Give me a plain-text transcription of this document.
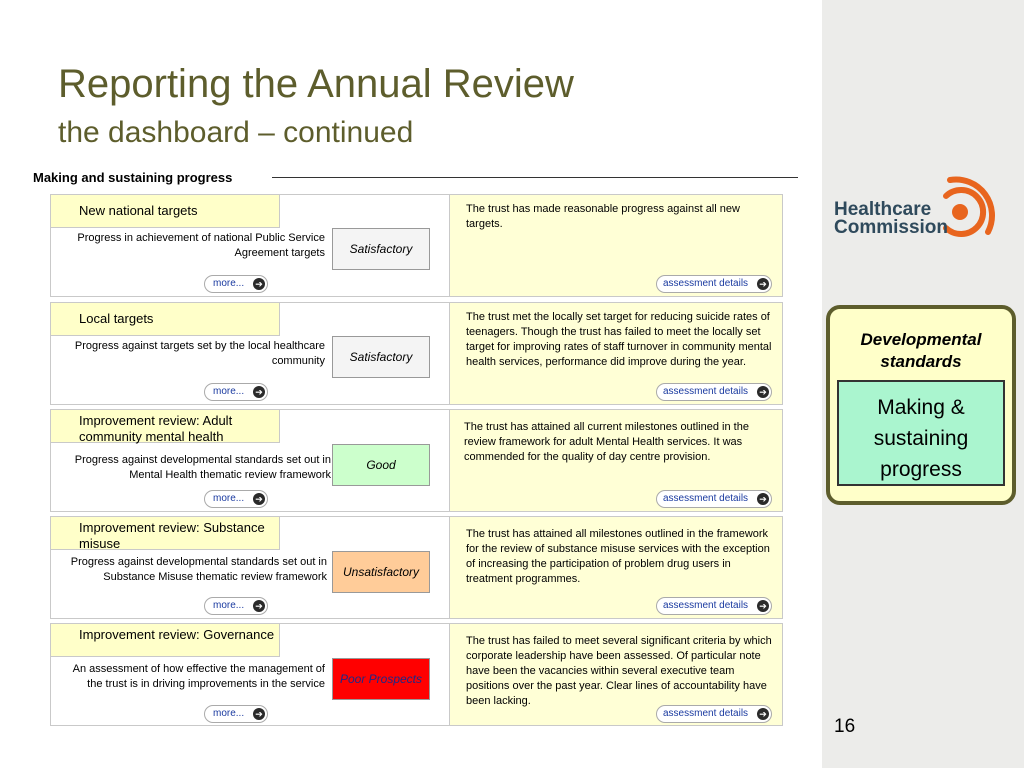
Reporting the Annual Review
the dashboard – continued
Making and sustaining progress
New national targets
Progress in achievement of national Public Service Agreement targets	Satisfactory
more... ➔
The trust has made reasonable progress against all new targets.
assessment details ➔
Local targets
Progress against targets set by the local healthcare community	Satisfactory
more... ➔
The trust met the locally set target for reducing suicide rates of teenagers. Though the trust has failed to meet the locally set target for improving rates of staff turnover in community mental health services, performance did improve during the year.
assessment details ➔
Improvement review: Adult community mental health
Progress against developmental standards set out in Mental Health thematic review framework
Good
more... ➔
The trust has attained all current milestones outlined in the review framework for adult Mental Health services. It was commended for the quality of day centre provision.
assessment details ➔
Improvement review: Substance misuse
Progress against developmental standards set out in Substance Misuse thematic review framework	Unsatisfactory
more... ➔
The trust has attained all milestones outlined in the framework for the review of substance misuse services with the exception of increasing the participation of problem drug users in treatment programmes.
assessment details ➔
Improvement review: Governance
An assessment of how effective the management of the trust is in driving improvements in the service	Poor Prospects
more... ➔
The trust has failed to meet several significant criteria by which corporate leadership have been assessed. Of particular note have been the vacancies within several executive team positions over the past year. Clear lines of accountability have been lacking.
assessment details ➔
Healthcare
Commission
Developmental standards
Making & sustaining progress
16
